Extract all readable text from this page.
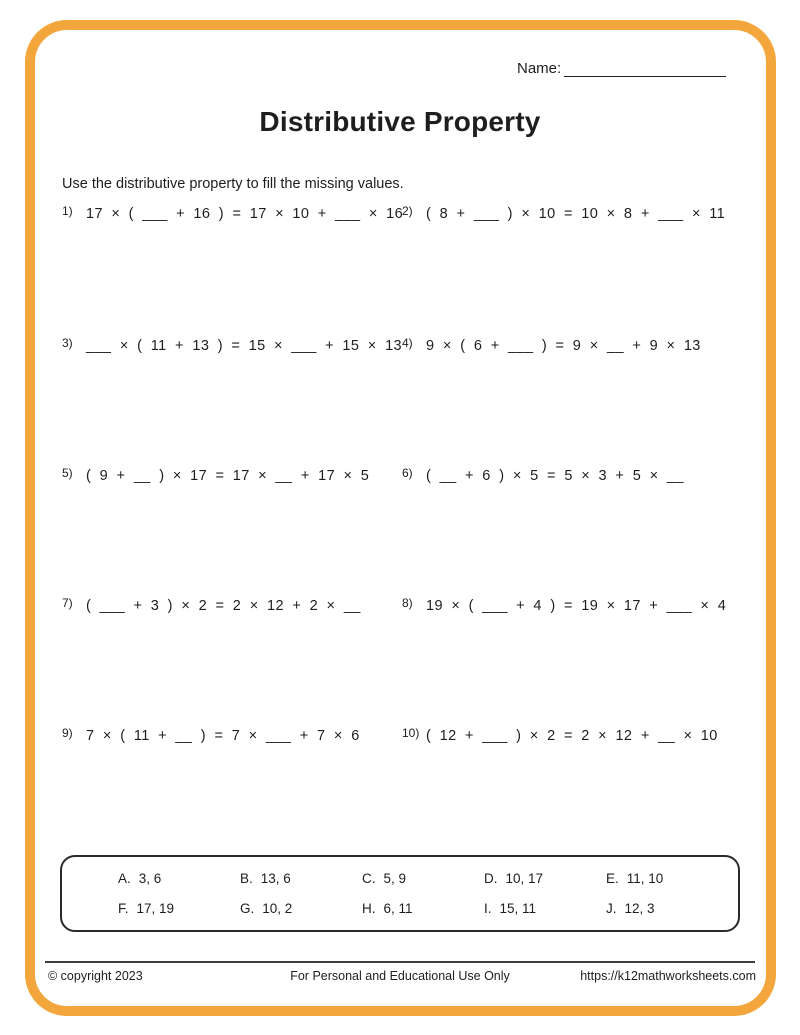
Name:
Distributive Property
Use the distributive property to fill the missing values.
1) 17 × ( ___ + 16 ) = 17 × 10 + ___ × 16
2) ( 8 + ___ ) × 10 = 10 × 8 + ___ × 11
3) ___ × ( 11 + 13 ) = 15 × ___ + 15 × 13 4) 9 × ( 6 + ___ ) = 9 × __ + 9 × 13
5) ( 9 + __ ) × 17 = 17 × __ + 17 × 5	6) ( __ + 6 ) × 5 = 5 × 3 + 5 × __
7) ( ___ + 3 ) × 2 = 2 × 12 + 2 × __	8) 19 × ( ___ + 4 ) = 19 × 17 + ___ × 4
9) 7 × ( 11 + __ ) = 7 × ___ + 7 × 6	10) ( 12 + ___ ) × 2 = 2 × 12 + __ × 10
A. 3, 6	B. 13, 6	C. 5, 9	D. 10, 17	E. 11, 10
F. 17, 19	G. 10, 2	H. 6, 11	I. 15, 11	J. 12, 3
© copyright 2023	For Personal and Educational Use Only	https://k12mathworksheets.com
